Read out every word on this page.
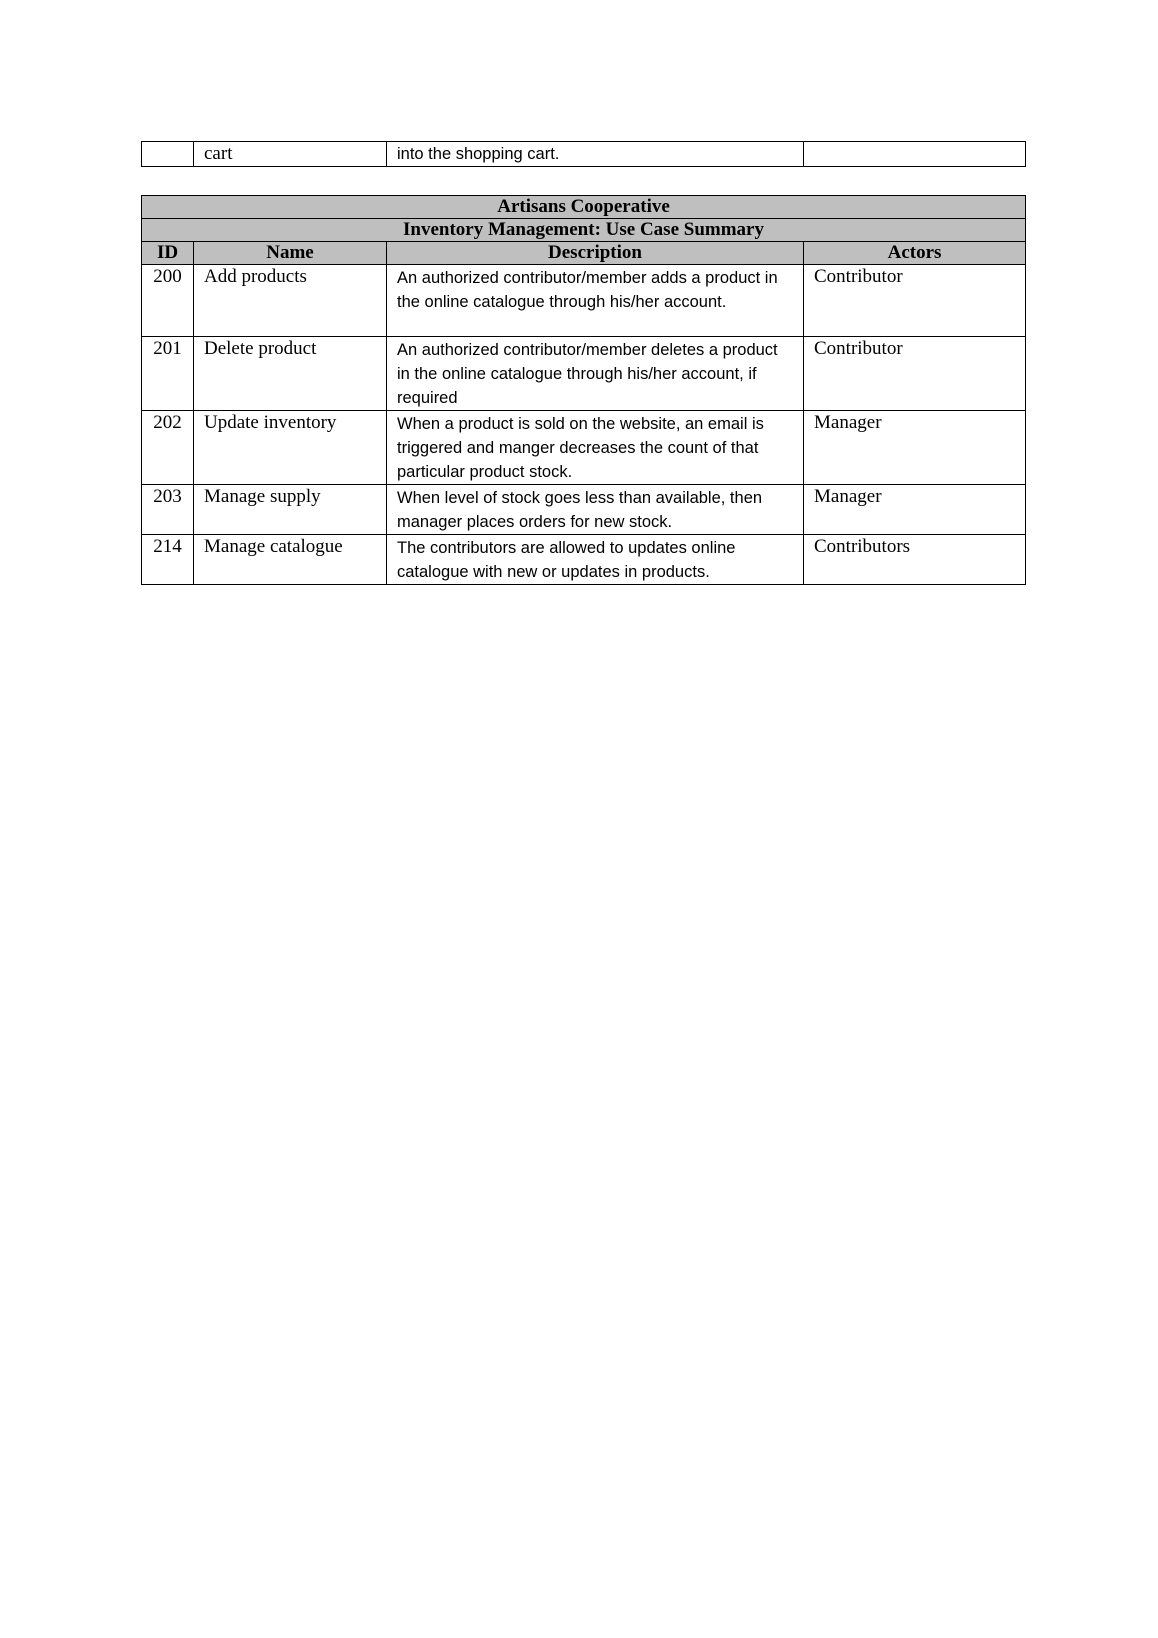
	cart	into the shopping cart.	
Artisans Cooperative			
Inventory Management: Use Case Summary			
ID	Name	Description	Actors
200	Add products	An authorized contributor/member adds a product in the online catalogue through his/her account.	Contributor
201	Delete product	An authorized contributor/member deletes a product in the online catalogue through his/her account, if required	Contributor
202	Update inventory	When a product is sold on the website, an email is triggered and manger decreases the count of that particular product stock.	Manager
203	Manage supply	When level of stock goes less than available, then manager places orders for new stock.	Manager
214	Manage catalogue	The contributors are allowed to updates online catalogue with new or updates in products.	Contributors
